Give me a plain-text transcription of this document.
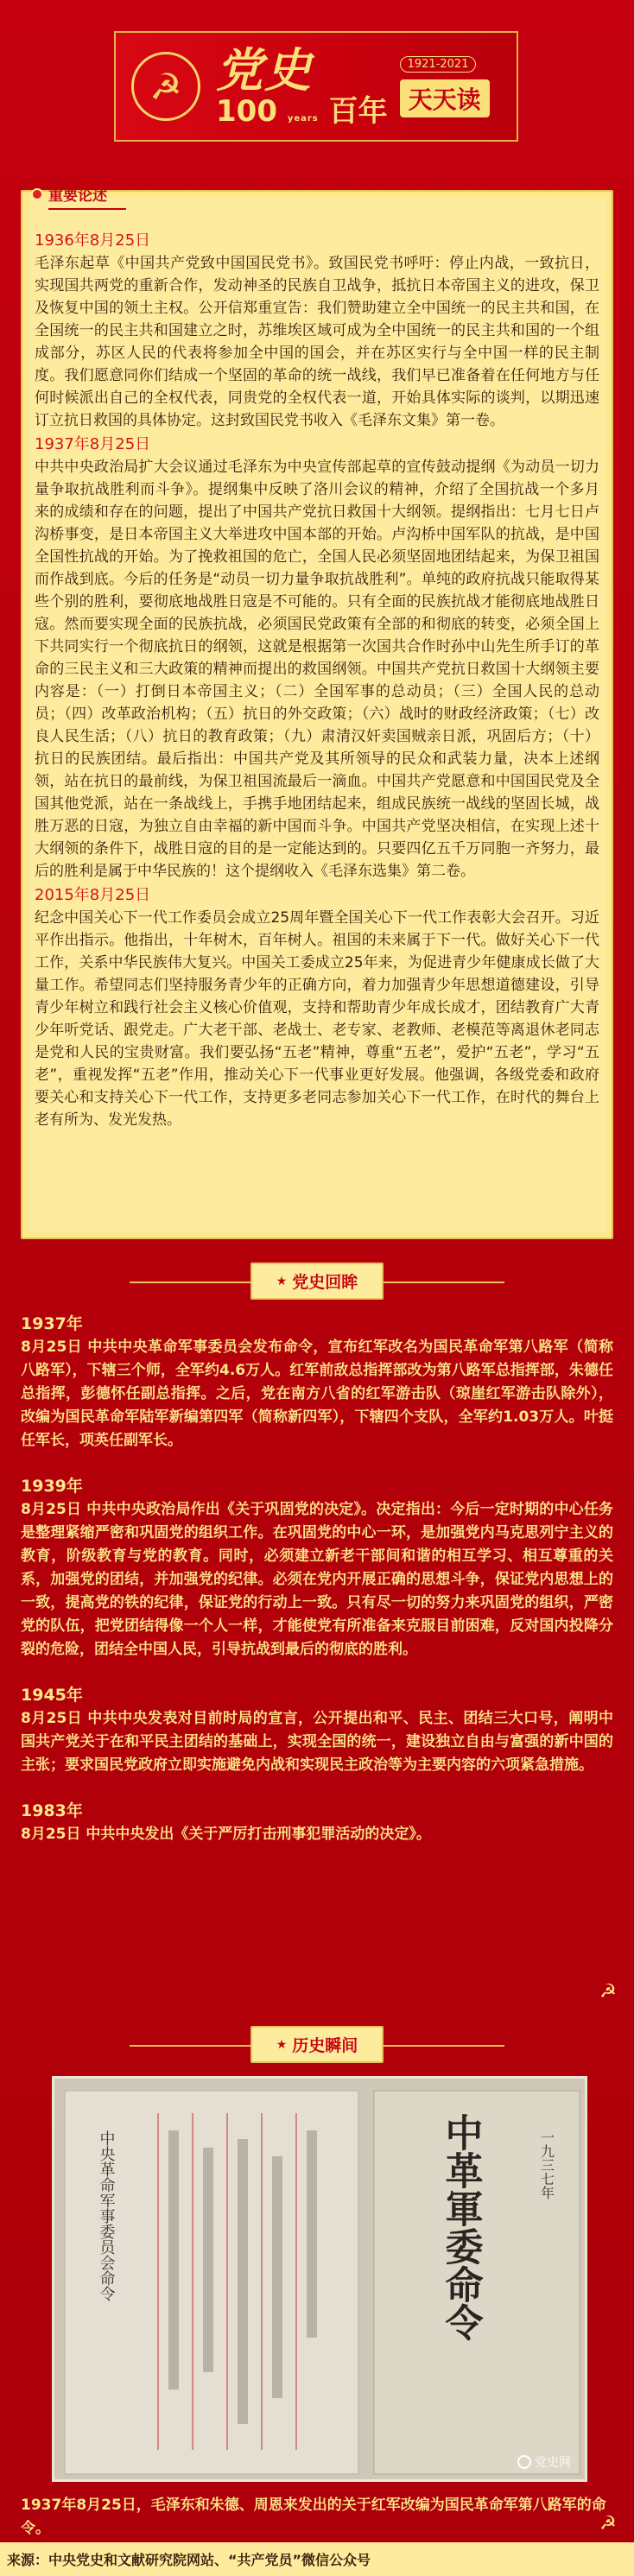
☭ 党史
100 years 百年
1921-2021
天天读
重要论述
1936年8月25日
毛泽东起草《中国共产党致中国国民党书》。致国民党书呼吁：停止内战，一致抗日，实现国共两党的重新合作，发动神圣的民族自卫战争，抵抗日本帝国主义的进攻，保卫及恢复中国的领土主权。公开信郑重宣告：我们赞助建立全中国统一的民主共和国，在全国统一的民主共和国建立之时，苏维埃区域可成为全中国统一的民主共和国的一个组成部分，苏区人民的代表将参加全中国的国会，并在苏区实行与全中国一样的民主制度。我们愿意同你们结成一个坚固的革命的统一战线，我们早已准备着在任何地方与任何时候派出自己的全权代表，同贵党的全权代表一道，开始具体实际的谈判，以期迅速订立抗日救国的具体协定。这封致国民党书收入《毛泽东文集》第一卷。
1937年8月25日
中共中央政治局扩大会议通过毛泽东为中央宣传部起草的宣传鼓动提纲《为动员一切力量争取抗战胜利而斗争》。提纲集中反映了洛川会议的精神，介绍了全国抗战一个多月来的成绩和存在的问题，提出了中国共产党抗日救国十大纲领。提纲指出：七月七日卢沟桥事变，是日本帝国主义大举进攻中国本部的开始。卢沟桥中国军队的抗战，是中国全国性抗战的开始。为了挽救祖国的危亡，全国人民必须坚固地团结起来，为保卫祖国而作战到底。今后的任务是“动员一切力量争取抗战胜利”。单纯的政府抗战只能取得某些个别的胜利，要彻底地战胜日寇是不可能的。只有全面的民族抗战才能彻底地战胜日寇。然而要实现全面的民族抗战，必须国民党政策有全部的和彻底的转变，必须全国上下共同实行一个彻底抗日的纲领，这就是根据第一次国共合作时孙中山先生所手订的革命的三民主义和三大政策的精神而提出的救国纲领。中国共产党抗日救国十大纲领主要内容是：（一）打倒日本帝国主义；（二）全国军事的总动员；（三）全国人民的总动员；（四）改革政治机构；（五）抗日的外交政策；（六）战时的财政经济政策；（七）改良人民生活；（八）抗日的教育政策；（九）肃清汉奸卖国贼亲日派，巩固后方；（十）抗日的民族团结。最后指出：中国共产党及其所领导的民众和武装力量，决本上述纲领，站在抗日的最前线，为保卫祖国流最后一滴血。中国共产党愿意和中国国民党及全国其他党派，站在一条战线上，手携手地团结起来，组成民族统一战线的坚固长城，战胜万恶的日寇，为独立自由幸福的新中国而斗争。中国共产党坚决相信，在实现上述十大纲领的条件下，战胜日寇的目的是一定能达到的。只要四亿五千万同胞一齐努力，最后的胜利是属于中华民族的！这个提纲收入《毛泽东选集》第二卷。
2015年8月25日
纪念中国关心下一代工作委员会成立25周年暨全国关心下一代工作表彰大会召开。习近平作出指示。他指出，十年树木，百年树人。祖国的未来属于下一代。做好关心下一代工作，关系中华民族伟大复兴。中国关工委成立25年来，为促进青少年健康成长做了大量工作。希望同志们坚持服务青少年的正确方向，着力加强青少年思想道德建设，引导青少年树立和践行社会主义核心价值观，支持和帮助青少年成长成才，团结教育广大青少年听党话、跟党走。广大老干部、老战士、老专家、老教师、老模范等离退休老同志是党和人民的宝贵财富。我们要弘扬“五老”精神，尊重“五老”，爱护“五老”，学习“五老”，重视发挥“五老”作用，推动关心下一代事业更好发展。他强调，各级党委和政府要关心和支持关心下一代工作，支持更多老同志参加关心下一代工作，在时代的舞台上老有所为、发光发热。
★ 党史回眸
1937年
8月25日 中共中央革命军事委员会发布命令，宣布红军改名为国民革命军第八路军（简称八路军），下辖三个师，全军约4.6万人。红军前敌总指挥部改为第八路军总指挥部，朱德任总指挥，彭德怀任副总指挥。之后，党在南方八省的红军游击队（琼崖红军游击队除外），改编为国民革命军陆军新编第四军（简称新四军），下辖四个支队，全军约1.03万人。叶挺任军长，项英任副军长。
1939年
8月25日 中共中央政治局作出《关于巩固党的决定》。决定指出：今后一定时期的中心任务是整理紧缩严密和巩固党的组织工作。在巩固党的中心一环，是加强党内马克思列宁主义的教育，阶级教育与党的教育。同时，必须建立新老干部间和谐的相互学习、相互尊重的关系，加强党的团结，并加强党的纪律。必须在党内开展正确的思想斗争，保证党内思想上的一致，提高党的铁的纪律，保证党的行动上一致。只有尽一切的努力来巩固党的组织，严密党的队伍，把党团结得像一个人一样，才能使党有所准备来克服目前困难，反对国内投降分裂的危险，团结全中国人民，引导抗战到最后的彻底的胜利。
1945年
8月25日 中共中央发表对目前时局的宣言，公开提出和平、民主、团结三大口号，阐明中国共产党关于在和平民主团结的基础上，实现全国的统一，建设独立自由与富强的新中国的主张；要求国民党政府立即实施避免内战和实现民主政治等为主要内容的六项紧急措施。
1983年
8月25日 中共中央发出《关于严厉打击刑事犯罪活动的决定》。
☭
★ 历史瞬间
中央革命军事委员会命令	中革軍委命令	一九三七年
党史网
1937年8月25日，毛泽东和朱德、周恩来发出的关于红军改编为国民革命军第八路军的命令。	☭
来源：中央党史和文献研究院网站、“共产党员”微信公众号
